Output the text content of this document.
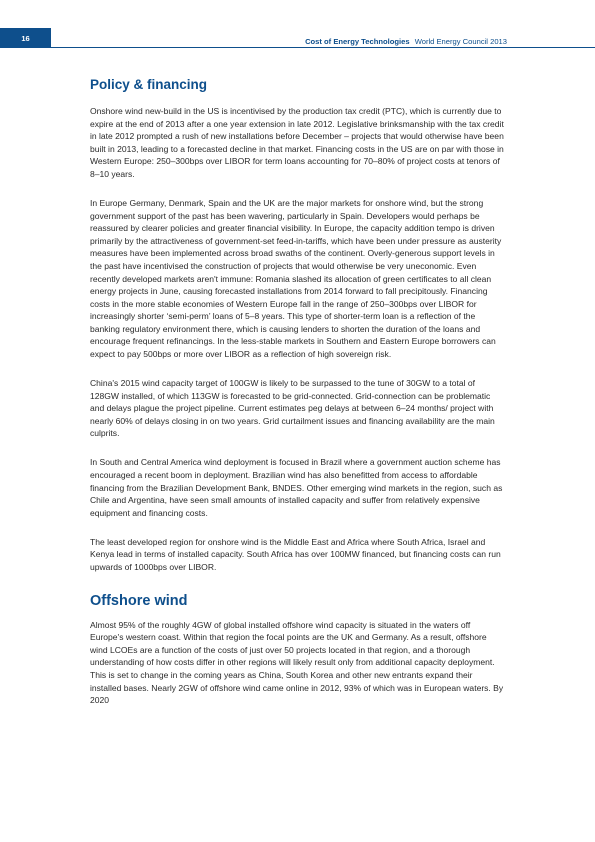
16	Cost of Energy Technologies World Energy Council 2013
Policy & financing

Onshore wind new-build in the US is incentivised by the production tax credit (PTC), which is currently due to expire at the end of 2013 after a one year extension in late 2012. Legislative brinksmanship with the tax credit in late 2012 prompted a rush of new installations before December – projects that would otherwise have been built in 2013, leading to a forecasted decline in that market. Financing costs in the US are on par with those in Western Europe: 250–300bps over LIBOR for term loans accounting for 70–80% of project costs at tenors of 8–10 years.

In Europe Germany, Denmark, Spain and the UK are the major markets for onshore wind, but the strong government support of the past has been wavering, particularly in Spain. Developers would perhaps be reassured by clearer policies and greater financial visibility. In Europe, the capacity addition tempo is driven primarily by the attractiveness of government-set feed-in-tariffs, which have been under pressure as austerity measures have been implemented across broad swaths of the continent. Overly-generous support levels in the past have incentivised the construction of projects that would otherwise be very uneconomic. Even recently developed markets aren't immune: Romania slashed its allocation of green certificates to all clean energy projects in June, causing forecasted installations from 2014 forward to fall precipitously. Financing costs in the more stable economies of Western Europe fall in the range of 250–300bps over LIBOR for increasingly shorter ‘semi-perm’ loans of 5–8 years. This type of shorter-term loan is a reflection of the banking regulatory environment there, which is causing lenders to shorten the duration of the loans and encourage frequent refinancings. In the less-stable markets in Southern and Eastern Europe borrowers can expect to pay 500bps or more over LIBOR as a reflection of high sovereign risk.

China's 2015 wind capacity target of 100GW is likely to be surpassed to the tune of 30GW to a total of 128GW installed, of which 113GW is forecasted to be grid-connected. Grid-connection can be problematic and delays plague the project pipeline. Current estimates peg delays at between 6–24 months/ project with nearly 60% of delays closing in on two years. Grid curtailment issues and financing availability are the main culprits.

In South and Central America wind deployment is focused in Brazil where a government auction scheme has encouraged a recent boom in deployment. Brazilian wind has also benefitted from access to affordable financing from the Brazilian Development Bank, BNDES. Other emerging wind markets in the region, such as Chile and Argentina, have seen small amounts of installed capacity and suffer from relatively expensive equipment and financing costs.

The least developed region for onshore wind is the Middle East and Africa where South Africa, Israel and Kenya lead in terms of installed capacity. South Africa has over 100MW financed, but financing costs can run upwards of 1000bps over LIBOR.

Offshore wind

Almost 95% of the roughly 4GW of global installed offshore wind capacity is situated in the waters off Europe's western coast. Within that region the focal points are the UK and Germany. As a result, offshore wind LCOEs are a function of the costs of just over 50 projects located in that region, and a thorough understanding of how costs differ in other regions will likely result only from additional capacity deployment. This is set to change in the coming years as China, South Korea and other new entrants expand their installed bases. Nearly 2GW of offshore wind came online in 2012, 93% of which was in European waters. By 2020
